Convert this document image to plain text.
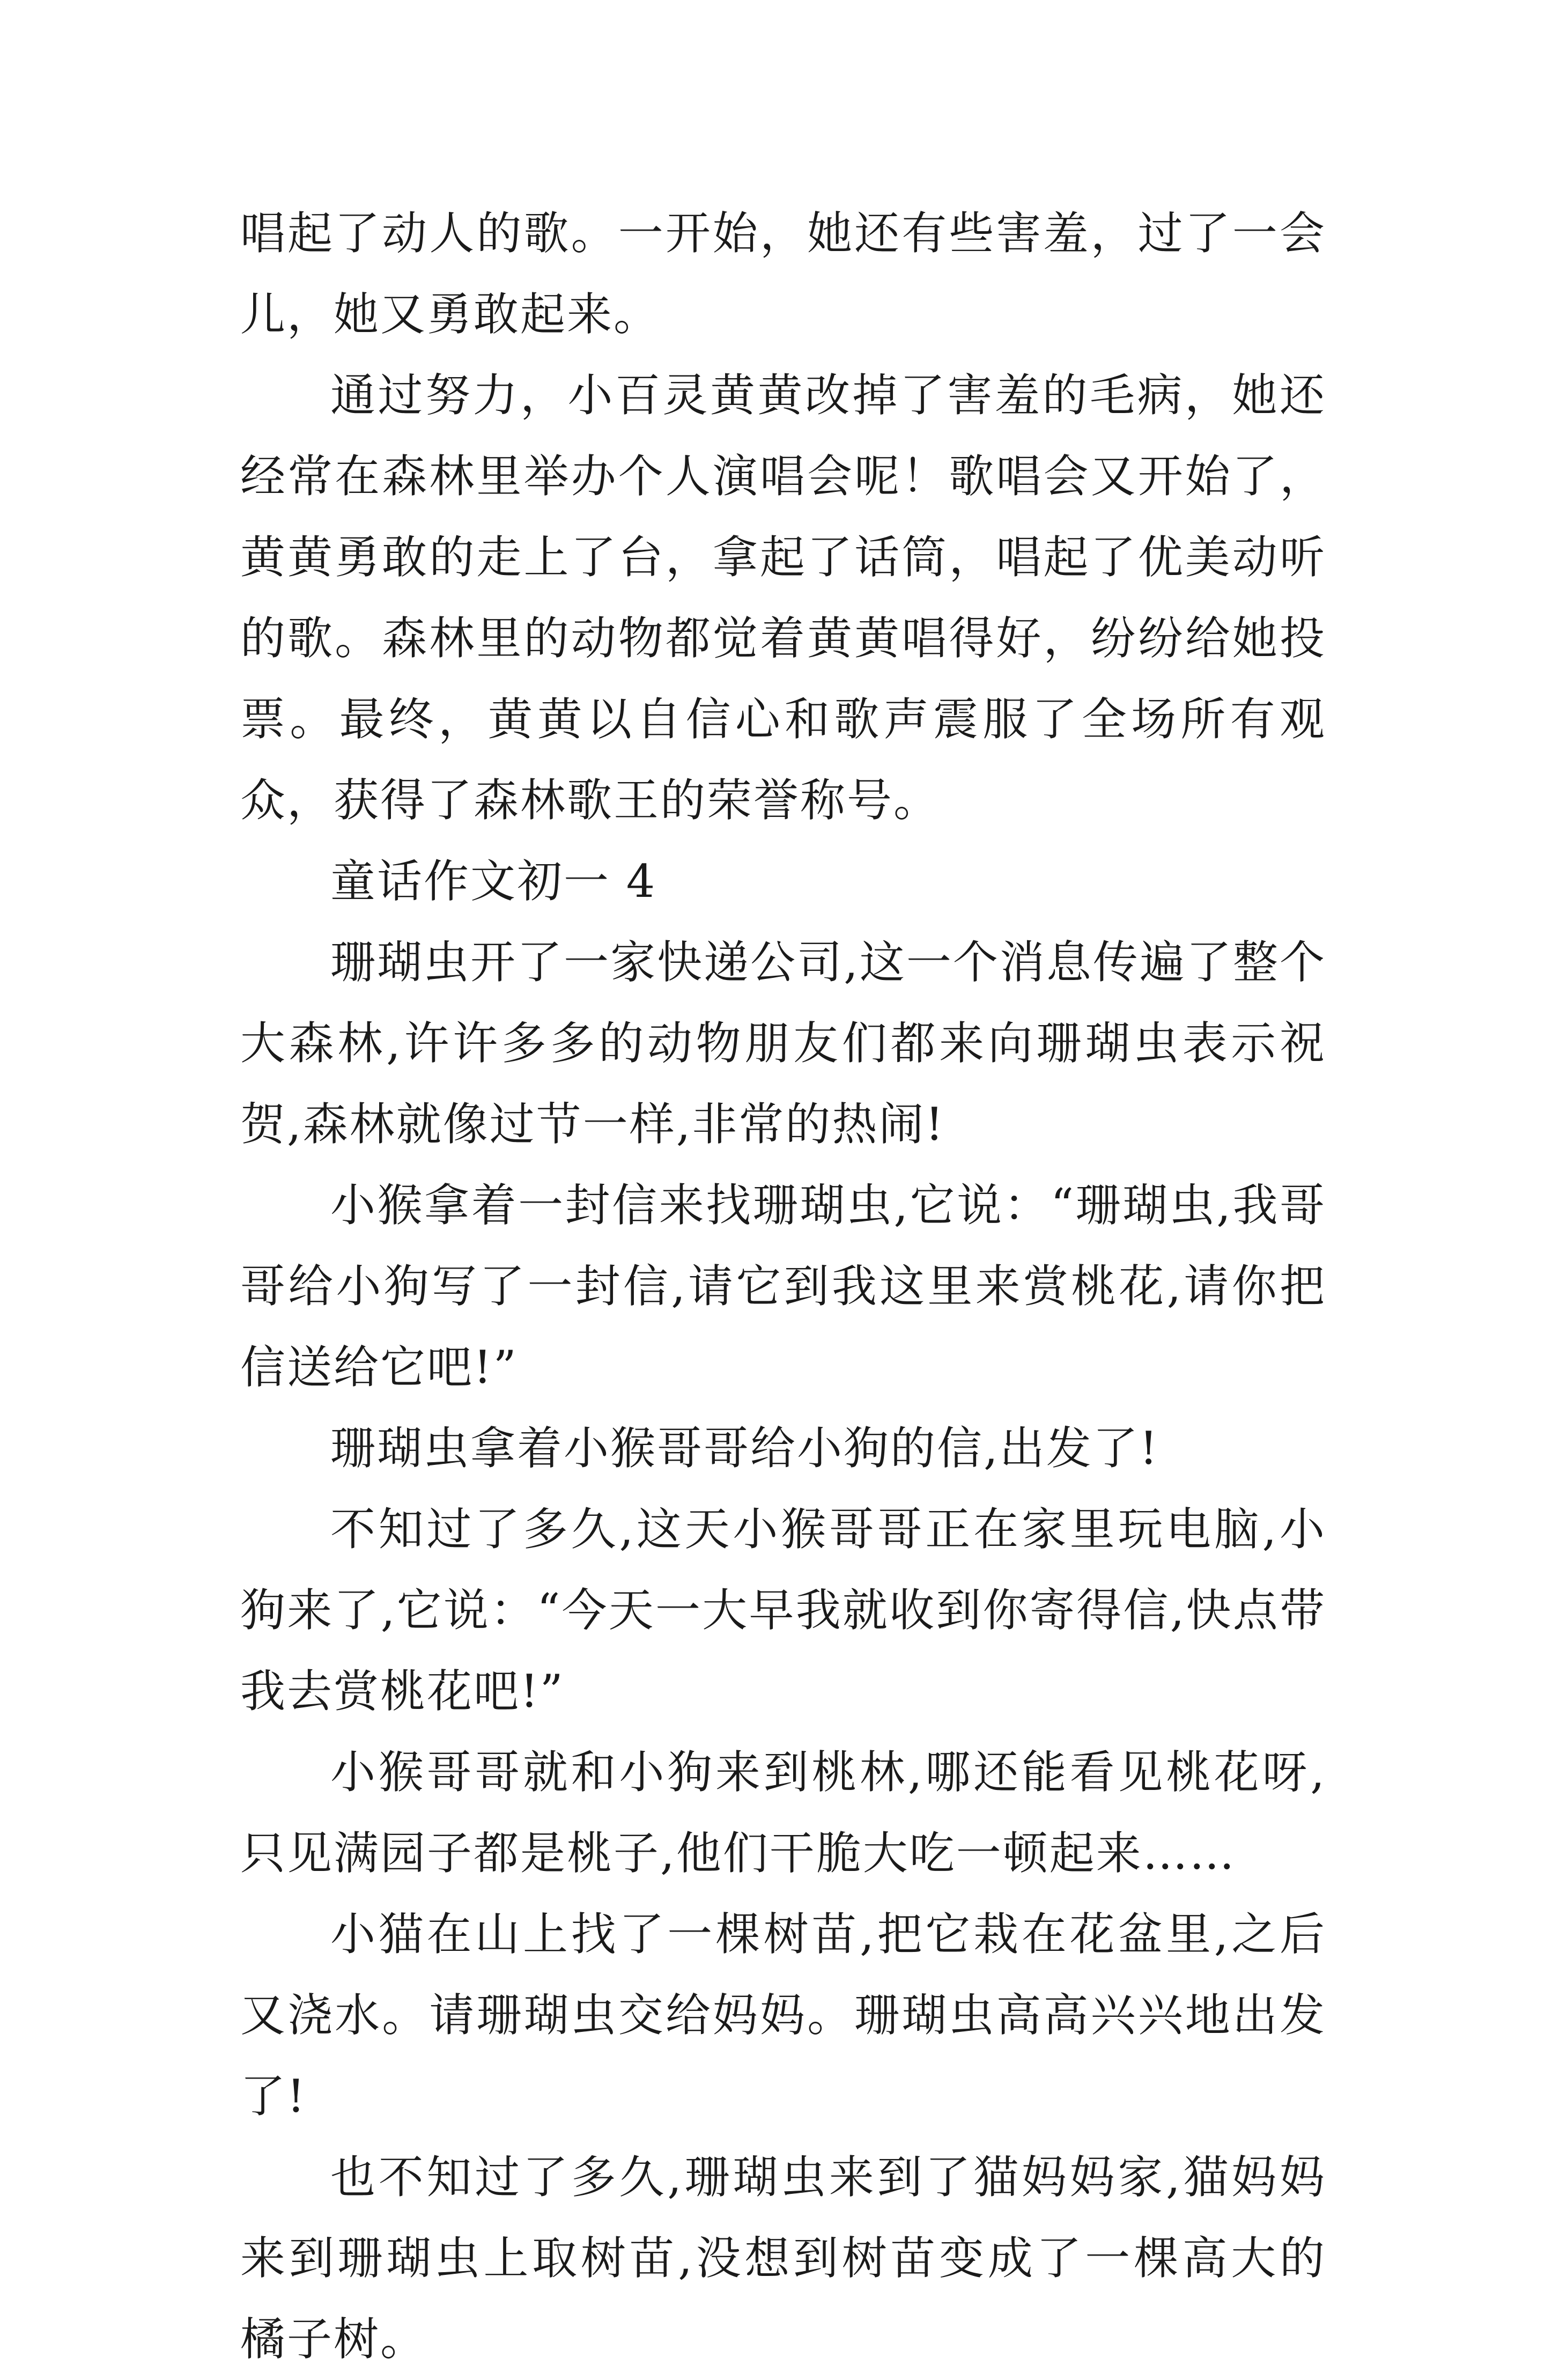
唱起了动人的歌。一开始，她还有些害羞，过了一会儿，她又勇敢起来。

通过努力，小百灵黄黄改掉了害羞的毛病，她还经常在森林里举办个人演唱会呢！歌唱会又开始了，黄黄勇敢的走上了台，拿起了话筒，唱起了优美动听的歌。森林里的动物都觉着黄黄唱得好，纷纷给她投票。最终，黄黄以自信心和歌声震服了全场所有观众，获得了森林歌王的荣誉称号。

童话作文初一 4

珊瑚虫开了一家快递公司,这一个消息传遍了整个大森林,许许多多的动物朋友们都来向珊瑚虫表示祝贺,森林就像过节一样,非常的热闹!

小猴拿着一封信来找珊瑚虫,它说：“珊瑚虫,我哥哥给小狗写了一封信,请它到我这里来赏桃花,请你把信送给它吧!”

珊瑚虫拿着小猴哥哥给小狗的信,出发了!

不知过了多久,这天小猴哥哥正在家里玩电脑,小狗来了,它说：“今天一大早我就收到你寄得信,快点带我去赏桃花吧!”

小猴哥哥就和小狗来到桃林,哪还能看见桃花呀,只见满园子都是桃子,他们干脆大吃一顿起来……

小猫在山上找了一棵树苗,把它栽在花盆里,之后又浇水。请珊瑚虫交给妈妈。珊瑚虫高高兴兴地出发了!

也不知过了多久,珊瑚虫来到了猫妈妈家,猫妈妈来到珊瑚虫上取树苗,没想到树苗变成了一棵高大的橘子树。
